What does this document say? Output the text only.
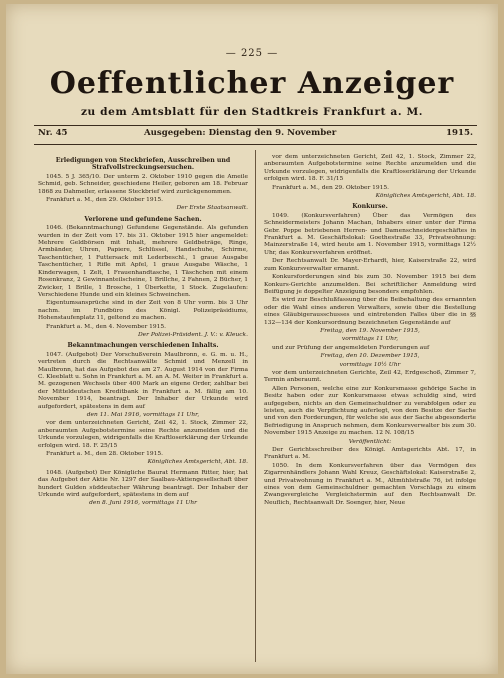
— 225 —
Oeffentlicher Anzeiger
zu dem Amtsblatt für den Stadtkreis Frankfurt a. M.
Nr. 45	Ausgegeben: Dienstag den 9. November	1915.

Erledigungen von Steckbriefen, Ausschreiben und Strafvollstreckungsersuchen.

1045. 5 J. 365/10. Der unterm 2. Oktober 1910 gegen die Ameile Schmid, geb. Schneider, geschiedene Heiler, geboren am 18. Februar 1868 zu Dahmeiler, erlassene Steckbrief wird zurückgenommen.

Frankfurt a. M., den 29. Oktober 1915.

Der Erste Staatsanwalt.

Verlorene und gefundene Sachen.

1046. (Bekanntmachung) Gefundene Gegenstände. Als gefunden wurden in der Zeit vom 17. bis 31. Oktober 1915 hier angemeldet: Mehrere Geldbörsen mit Inhalt, mehrere Geldbeträge, Ringe, Armbänder, Uhren, Papiere, Schlüssel, Handschuhe, Schirme, Taschentücher, 1 Futtersack mit Lederbeschl., 1 graue Ausgabe Taschentücher, 1 Rifle mit Apfel, 1 graue Ausgabe Wäsche, 1 Kinderwagen, 1 Zelt, 1 Frauenhandtasche, 1 Täschchen mit einem Rosenkranz, 2 Gewinnanteilscheine, 1 Brillche, 2 Fahnen, 2 Bücher, 1 Zwicker, 1 Brille, 1 Brosche, 1 Überkette, 1 Stock. Zugelaufen: Verschiedene Hunde und ein kleines Schweinchen.

Eigentumsansprüche sind in der Zeit von 8 Uhr vorm. bis 3 Uhr nachm. im Fundbüro des Königl. Polizeipräsidiums, Hohenstaufenplatz 11, geltend zu machen.

Frankfurt a. M., den 4. November 1915.

Der Polizei-Präsident. J. V.: v. Kleuck.

Bekanntmachungen verschiedenen Inhalts.

1047. (Aufgebot) Der Vorschußverein Maulbronn, e. G. m. u. H., vertreten durch die Rechtsanwälte Schmid und Menzell in Maulbronn, hat das Aufgebot des am 27. August 1914 von der Firma C. Kleeblatt u. Sohn in Frankfurt a. M. an A. M. Weiter in Frankfurt a. M. gezogenen Wechsels über 400 Mark an eigene Order, zahlbar bei der Mitteldeutschen Kreditbank in Frankfurt a. M. fällig am 10. November 1914, beantragt. Der Inhaber der Urkunde wird aufgefordert, spätestens in dem auf

den 11. Mai 1916, vormittags 11 Uhr,

vor dem unterzeichneten Gericht, Zeil 42, 1. Stock, Zimmer 22, anberaumten Aufgebotstermine seine Rechte anzumelden und die Urkunde vorzulegen, widrigenfalls die Kraftloserklärung der Urkunde erfolgen wird. 18. F. 25/15

Frankfurt a. M., den 28. Oktober 1915.

Königliches Amtsgericht, Abt. 18.

1048. (Aufgebot) Der Königliche Baurat Hermann Ritter, hier, hat das Aufgebot der Aktie Nr. 1297 der Saalbau-Aktiengesellschaft über hundert Gulden süddeutscher Währung beantragt. Der Inhaber der Urkunde wird aufgefordert, spätestens in dem auf

den 8. Juni 1916, vormittags 11 Uhr

vor dem unterzeichneten Gericht, Zeil 42, 1. Stock, Zimmer 22, anberaumten Aufgebotstermine seine Rechte anzumelden und die Urkunde vorzulegen, widrigenfalls die Kraftloserklärung der Urkunde erfolgen wird. 18. F. 31/15

Frankfurt a. M., den 29. Oktober 1915.

Königliches Amtsgericht, Abt. 18.

Konkurse.

1049. (Konkursverfahren) Über das Vermögen des Schneidermeisters Johann Machan, Inhabers einer unter der Firma Gebr. Poppe betriebenen Herren- und Damenschneidergeschäftes in Frankfurt a. M. Geschäftslokal: Goethestraße 33, Privatwohnung: Mainzerstraße 14, wird heute am 1. November 1915, vormittags 12½ Uhr, das Konkursverfahren eröffnet.

Der Rechtsanwalt Dr. Mayer-Erhardt, hier, Kaiserstraße 22, wird zum Konkursverwalter ernannt.

Konkursforderungen sind bis zum 30. November 1915 bei dem Konkurs-Gerichte anzumelden. Bei schriftlicher Anmeldung wird Beifügung je doppelter Anzeigung besonders empfohlen.

Es wird zur Beschlußfassung über die Beibehaltung des ernannten oder die Wahl eines anderen Verwalters, sowie über die Bestellung eines Gläubigerausschusses und eintretenden Falles über die in §§ 132—134 der Konkursordnung bezeichneten Gegenstände auf

Freitag, den 19. November 1915,

vormittags 11 Uhr,

und zur Prüfung der angemeldeten Forderungen auf

Freitag, den 10. Dezember 1915,

vormittags 10½ Uhr

vor dem unterzeichneten Gerichte, Zeil 42, Erdgeschoß, Zimmer 7, Termin anberaumt.

Allen Personen, welche eine zur Konkursmasse gehörige Sache in Besitz haben oder zur Konkursmasse etwas schuldig sind, wird aufgegeben, nichts an den Gemeinschuldner zu verabfolgen oder zu leisten, auch die Verpflichtung auferlegt, von dem Besitze der Sache und von den Forderungen, für welche sie aus der Sache abgesonderte Befriedigung in Anspruch nehmen, dem Konkursverwalter bis zum 30. November 1915 Anzeige zu machen. 12 N. 108/15

Veröffentlicht:

Der Gerichtsschreiber des Königl. Amtsgerichts Abt. 17, in Frankfurt a. M.

1050. In dem Konkursverfahren über das Vermögen des Zigarrenhändlers Johann Wahl Kreuz, Geschäftslokal: Kaiserstraße 2, und Privatwohnung in Frankfurt a. M., Altmühlstraße 76, ist infolge eines von dem Gemeinschuldner gemachten Vorschlags zu einem Zwangsvergleiche Vergleichstermin auf den Rechtsanwalt Dr. Neuflich, Rechtsanwalt Dr. Soenger, hier, Neue
